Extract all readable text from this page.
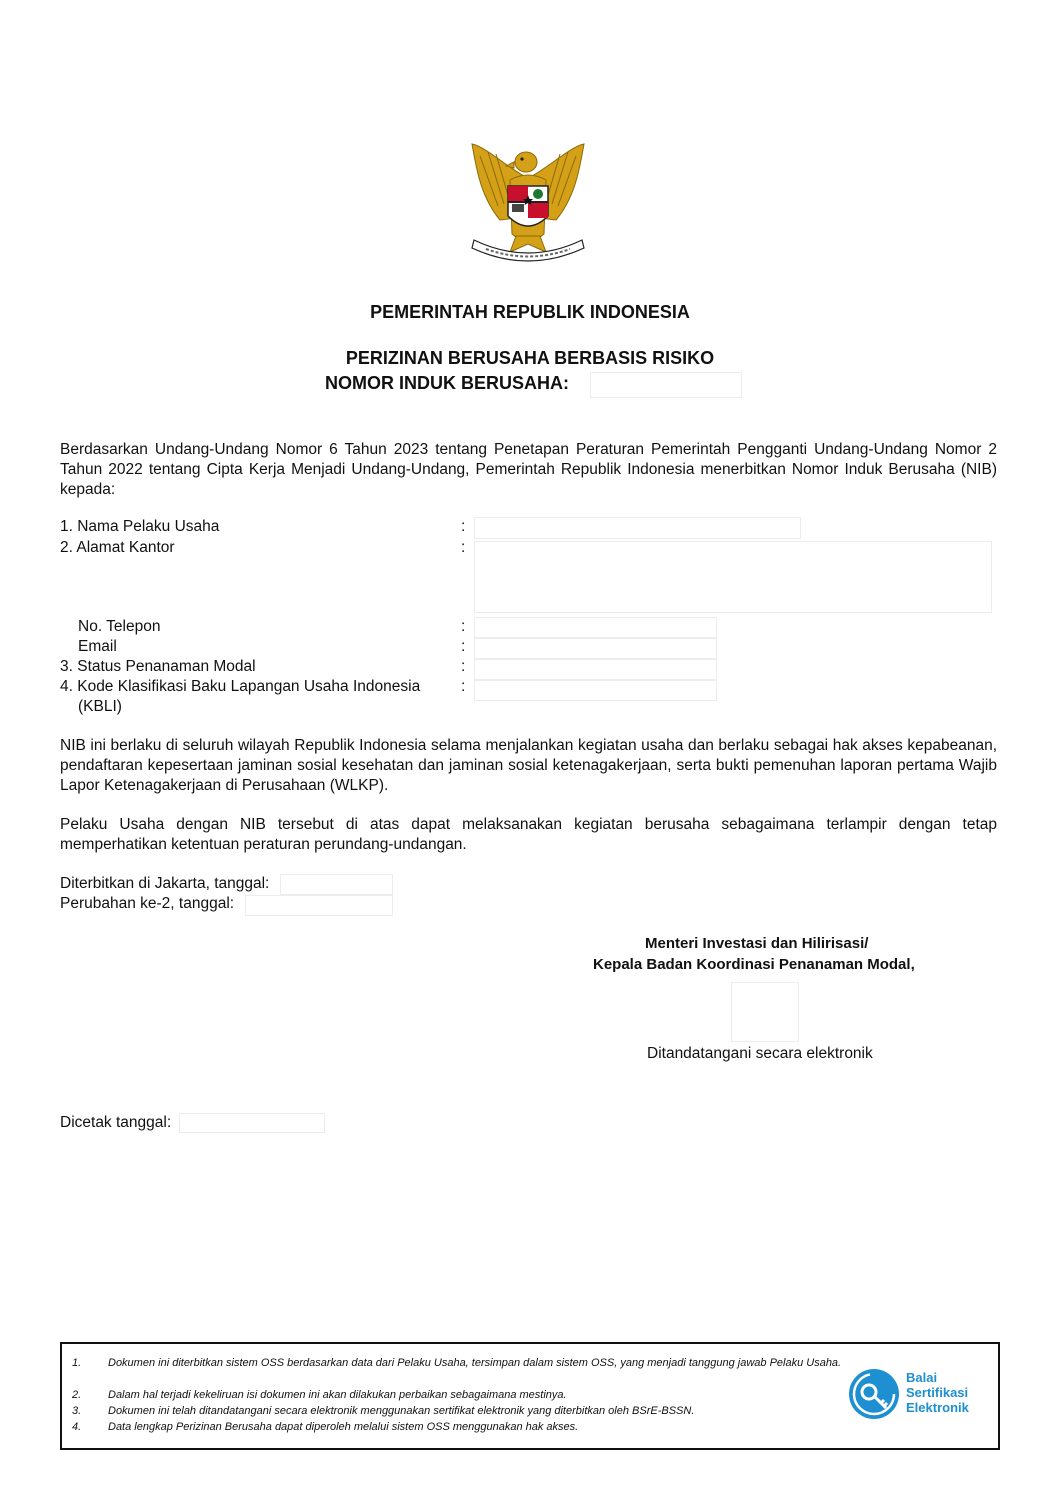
PEMERINTAH REPUBLIK INDONESIA
PERIZINAN BERUSAHA BERBASIS RISIKO
NOMOR INDUK BERUSAHA:
Berdasarkan Undang-Undang Nomor 6 Tahun 2023 tentang Penetapan Peraturan Pemerintah Pengganti Undang-Undang Nomor 2 Tahun 2022 tentang Cipta Kerja Menjadi Undang-Undang, Pemerintah Republik Indonesia menerbitkan Nomor Induk Berusaha (NIB) kepada:
1. Nama Pelaku Usaha	:
2. Alamat Kantor	:
No. Telepon	:
Email	:
3. Status Penanaman Modal	:
4. Kode Klasifikasi Baku Lapangan Usaha Indonesia
(KBLI)
:
NIB ini berlaku di seluruh wilayah Republik Indonesia selama menjalankan kegiatan usaha dan berlaku sebagai hak akses kepabeanan, pendaftaran kepesertaan jaminan sosial kesehatan dan jaminan sosial ketenagakerjaan, serta bukti pemenuhan laporan pertama Wajib Lapor Ketenagakerjaan di Perusahaan (WLKP).
Pelaku Usaha dengan NIB tersebut di atas dapat melaksanakan kegiatan berusaha sebagaimana terlampir dengan tetap memperhatikan ketentuan peraturan perundang-undangan.
Diterbitkan di Jakarta, tanggal:
Perubahan ke-2, tanggal:
Menteri Investasi dan Hilirisasi/
Kepala Badan Koordinasi Penanaman Modal,
Ditandatangani secara elektronik
Dicetak tanggal:
1.	Dokumen ini diterbitkan sistem OSS berdasarkan data dari Pelaku Usaha, tersimpan dalam sistem OSS, yang menjadi tanggung jawab Pelaku Usaha.
2.	Dalam hal terjadi kekeliruan isi dokumen ini akan dilakukan perbaikan sebagaimana mestinya.
3.	Dokumen ini telah ditandatangani secara elektronik menggunakan sertifikat elektronik yang diterbitkan oleh BSrE-BSSN.
4.	Data lengkap Perizinan Berusaha dapat diperoleh melalui sistem OSS menggunakan hak akses.
Balai
Sertifikasi
Elektronik
